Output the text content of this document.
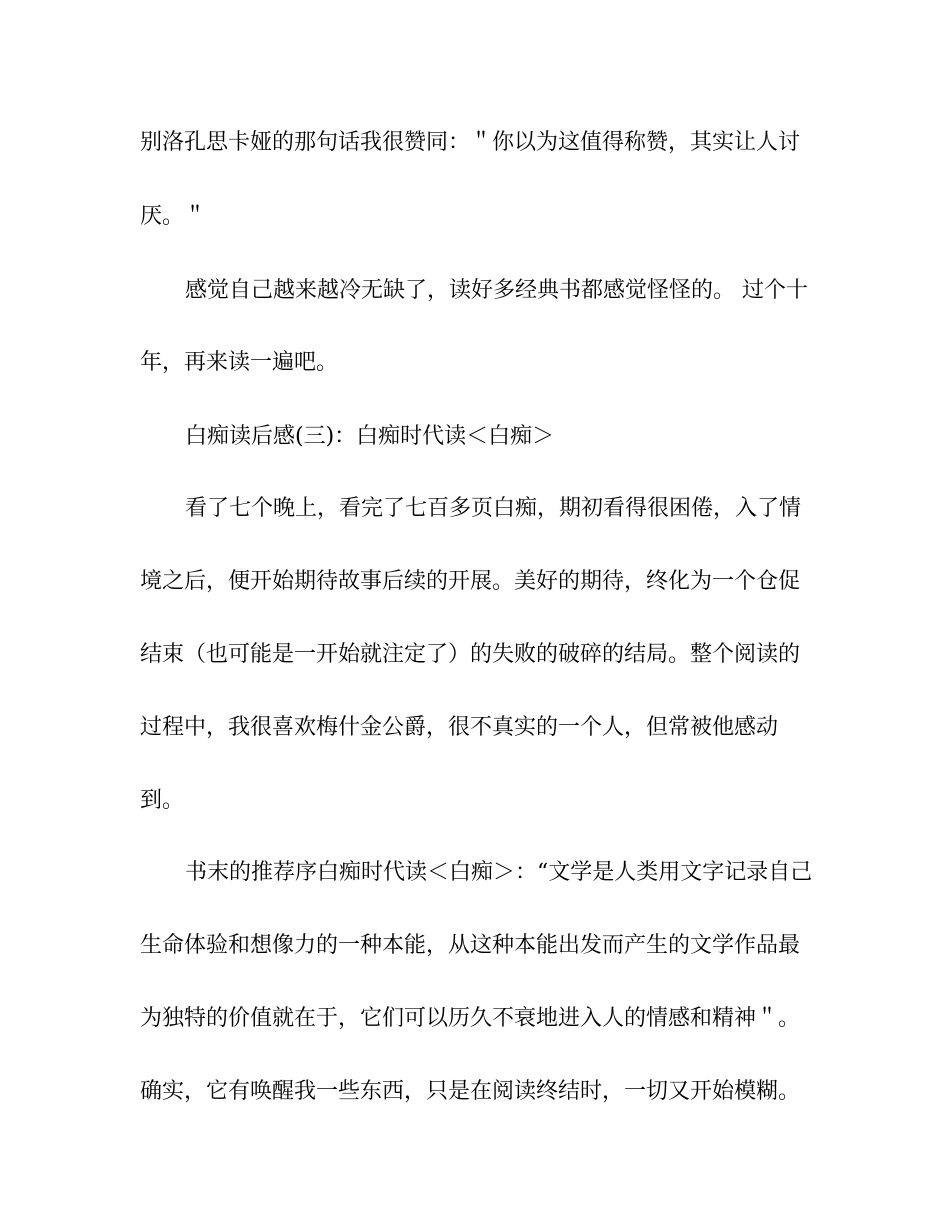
别洛孔思卡娅的那句话我很赞同：＂你以为这值得称赞，其实让人讨
厌。＂
感觉自己越来越冷无缺了，读好多经典书都感觉怪怪的。 过个十
年，再来读一遍吧。
白痴读后感(三)：白痴时代读＜白痴＞
看了七个晚上，看完了七百多页白痴，期初看得很困倦，入了情
境之后，便开始期待故事后续的开展。美好的期待，终化为一个仓促
结束（也可能是一开始就注定了）的失败的破碎的结局。整个阅读的
过程中，我很喜欢梅什金公爵，很不真实的一个人，但常被他感动
到。
书末的推荐序白痴时代读＜白痴＞：“文学是人类用文字记录自己
生命体验和想像力的一种本能，从这种本能出发而产生的文学作品最
为独特的价值就在于，它们可以历久不衰地进入人的情感和精神＂。
确实，它有唤醒我一些东西，只是在阅读终结时，一切又开始模糊。
